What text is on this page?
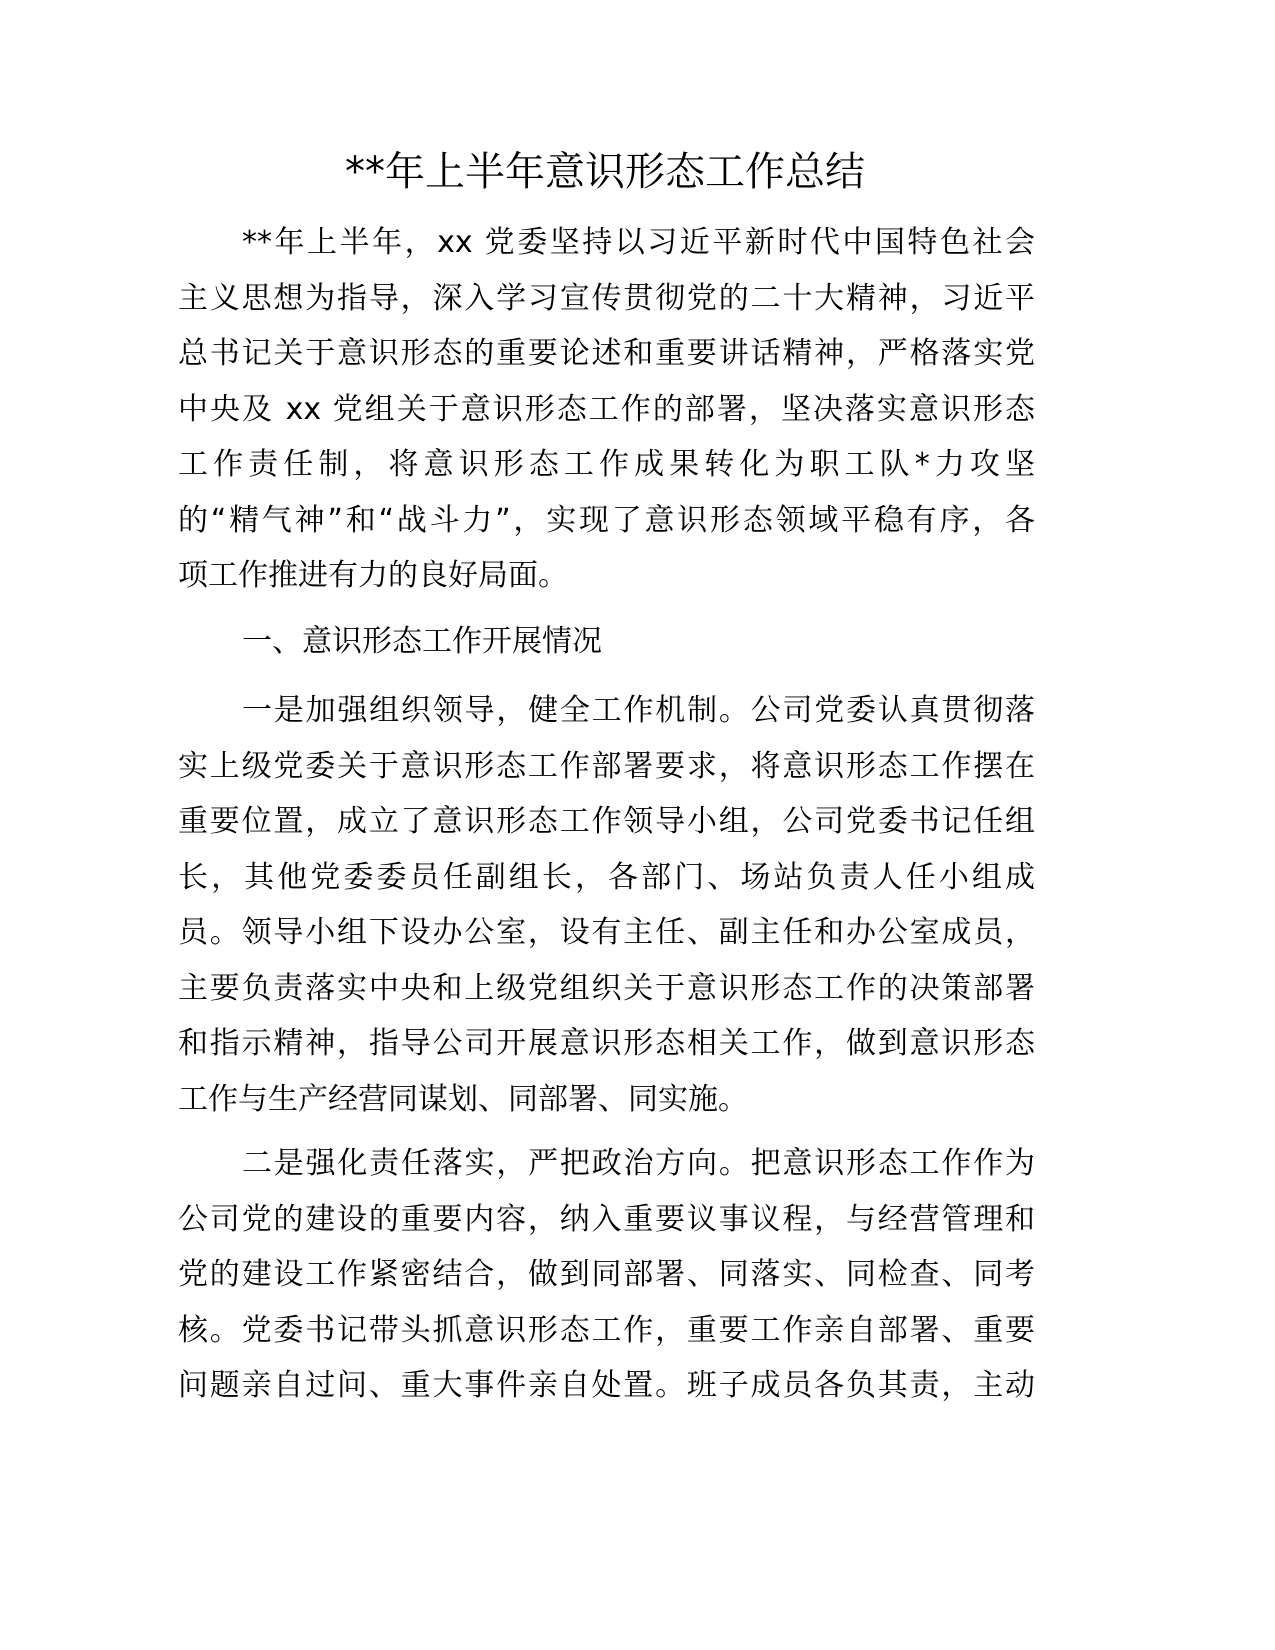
**年上半年意识形态工作总结
**年上半年，xx 党委坚持以习近平新时代中国特色社会
主义思想为指导，深入学习宣传贯彻党的二十大精神，习近平
总书记关于意识形态的重要论述和重要讲话精神，严格落实党
中央及 xx 党组关于意识形态工作的部署，坚决落实意识形态
工作责任制，将意识形态工作成果转化为职工队*力攻坚
的“精气神”和“战斗力”，实现了意识形态领域平稳有序，各
项工作推进有力的良好局面。
一、意识形态工作开展情况
一是加强组织领导，健全工作机制。公司党委认真贯彻落
实上级党委关于意识形态工作部署要求，将意识形态工作摆在
重要位置，成立了意识形态工作领导小组，公司党委书记任组
长，其他党委委员任副组长，各部门、场站负责人任小组成
员。领导小组下设办公室，设有主任、副主任和办公室成员，
主要负责落实中央和上级党组织关于意识形态工作的决策部署
和指示精神，指导公司开展意识形态相关工作，做到意识形态
工作与生产经营同谋划、同部署、同实施。
二是强化责任落实，严把政治方向。把意识形态工作作为
公司党的建设的重要内容，纳入重要议事议程，与经营管理和
党的建设工作紧密结合，做到同部署、同落实、同检查、同考
核。党委书记带头抓意识形态工作，重要工作亲自部署、重要
问题亲自过问、重大事件亲自处置。班子成员各负其责，主动
